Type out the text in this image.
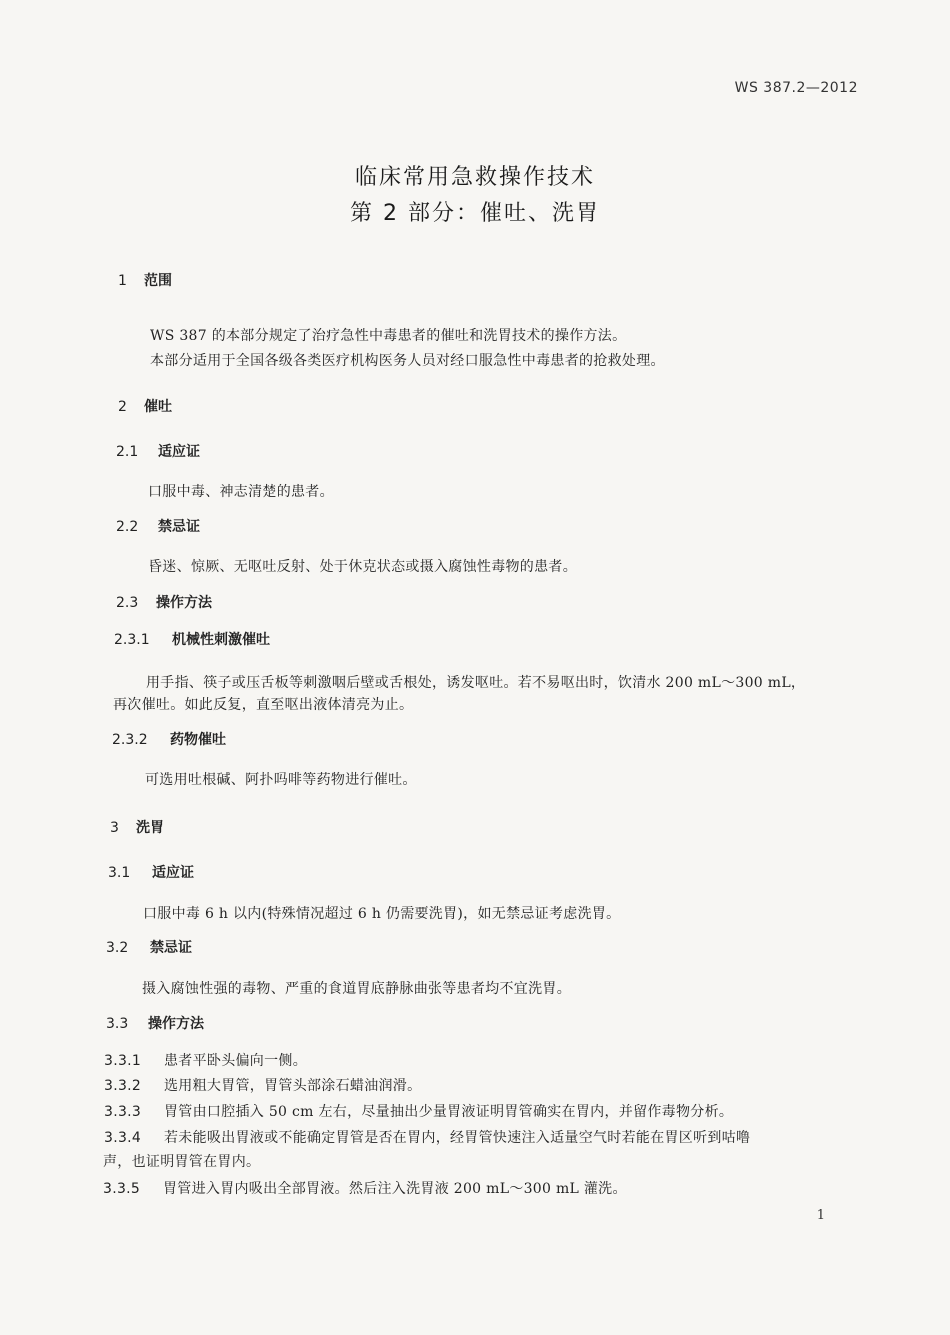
WS 387.2—2012
临床常用急救操作技术
第 2 部分：催吐、洗胃
1 范围
WS 387 的本部分规定了治疗急性中毒患者的催吐和洗胃技术的操作方法。
本部分适用于全国各级各类医疗机构医务人员对经口服急性中毒患者的抢救处理。
2 催吐
2.1 适应证
口服中毒、神志清楚的患者。
2.2 禁忌证
昏迷、惊厥、无呕吐反射、处于休克状态或摄入腐蚀性毒物的患者。
2.3 操作方法
2.3.1 机械性刺激催吐
用手指、筷子或压舌板等刺激咽后壁或舌根处，诱发呕吐。若不易呕出时，饮清水 200 mL～300 mL，
再次催吐。如此反复，直至呕出液体清亮为止。
2.3.2 药物催吐
可选用吐根碱、阿扑吗啡等药物进行催吐。
3 洗胃
3.1 适应证
口服中毒 6 h 以内(特殊情况超过 6 h 仍需要洗胃)，如无禁忌证考虑洗胃。
3.2 禁忌证
摄入腐蚀性强的毒物、严重的食道胃底静脉曲张等患者均不宜洗胃。
3.3 操作方法
3.3.1 患者平卧头偏向一侧。
3.3.2 选用粗大胃管，胃管头部涂石蜡油润滑。
3.3.3 胃管由口腔插入 50 cm 左右，尽量抽出少量胃液证明胃管确实在胃内，并留作毒物分析。
3.3.4 若未能吸出胃液或不能确定胃管是否在胃内，经胃管快速注入适量空气时若能在胃区听到咕噜
声，也证明胃管在胃内。
3.3.5 胃管进入胃内吸出全部胃液。然后注入洗胃液 200 mL～300 mL 灌洗。
1
